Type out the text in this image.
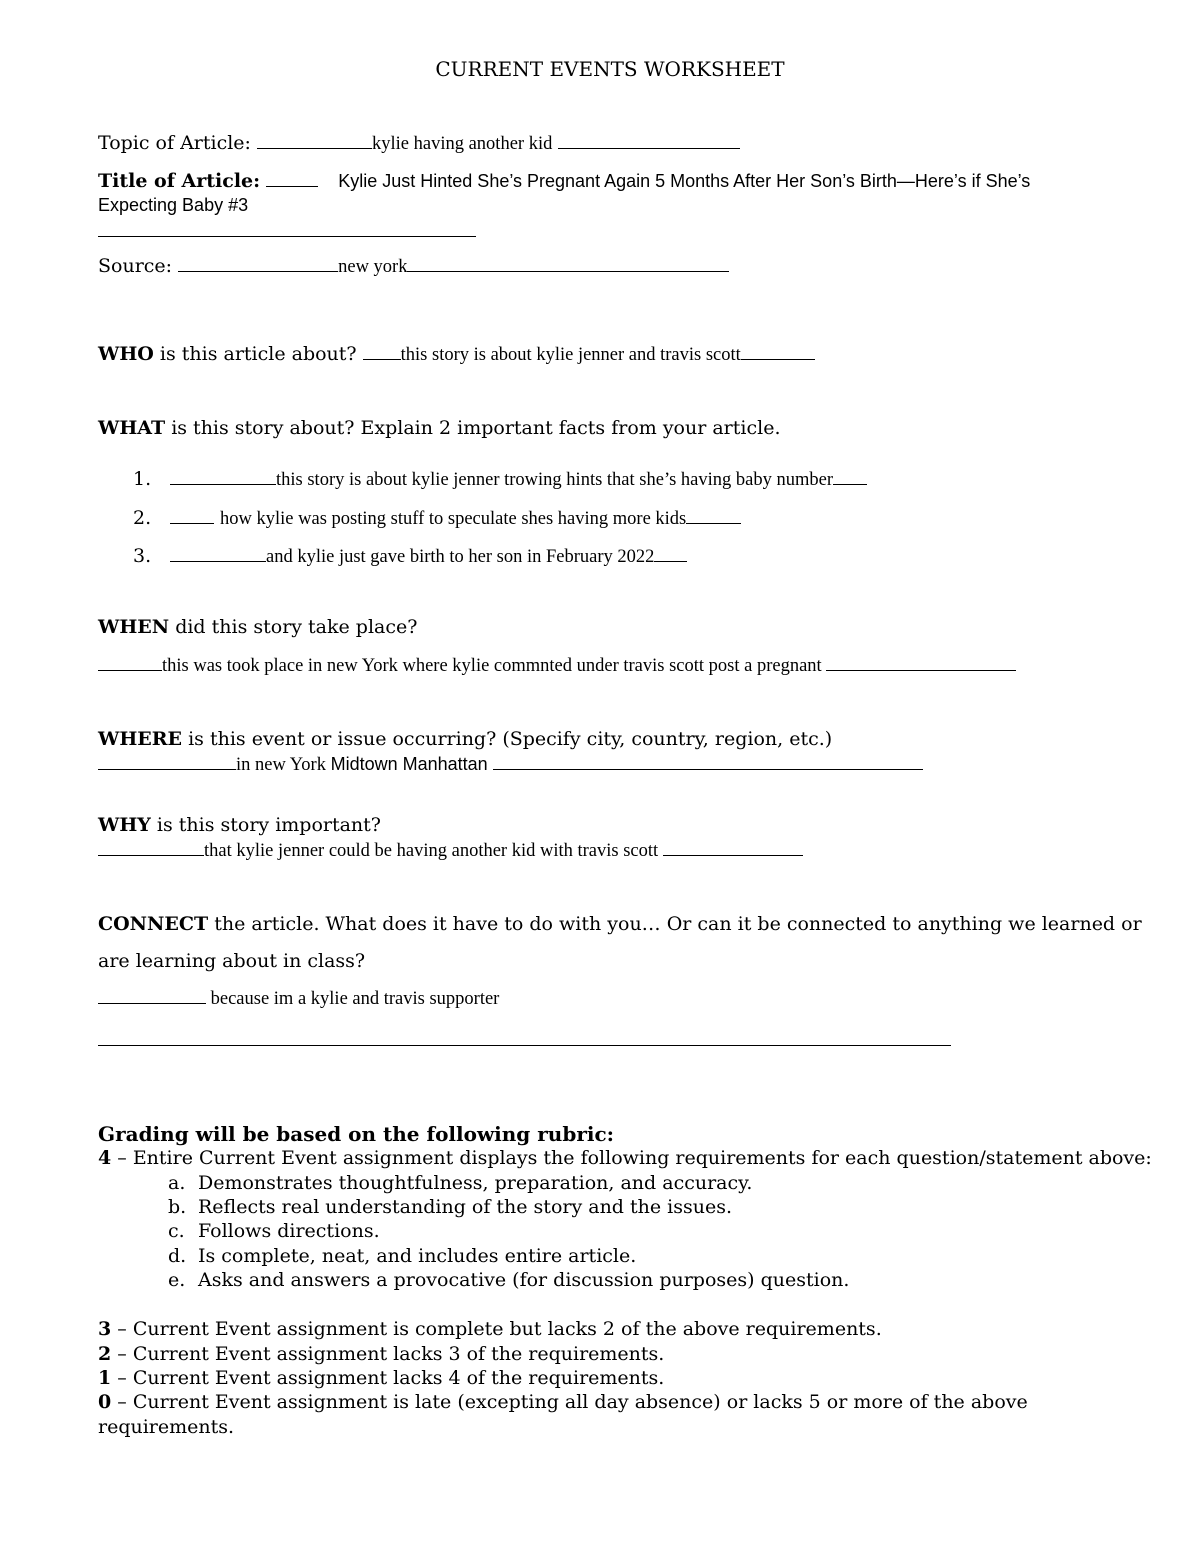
CURRENT EVENTS WORKSHEET
Topic of Article:	kylie having another kid
Title of Article:	Kylie Just Hinted She’s Pregnant Again 5 Months After Her Son’s Birth—Here’s if She’s
Expecting Baby #3
Source:	new york
WHO is this article about? this story is about kylie jenner and travis scott
WHAT is this story about? Explain 2 important facts from your article.
1.	this story is about kylie jenner trowing hints that she’s having baby number
2.	how kylie was posting stuff to speculate shes having more kids
3.	and kylie just gave birth to her son in February 2022
WHEN did this story take place?
this was took place in new York where kylie commnted under travis scott post a pregnant
WHERE is this event or issue occurring? (Specify city, country, region, etc.)
in new York Midtown Manhattan
WHY is this story important?
that kylie jenner could be having another kid with travis scott
CONNECT the article. What does it have to do with you… Or can it be connected to anything we learned or
are learning about in class?
because im a kylie and travis supporter
Grading will be based on the following rubric:
4 – Entire Current Event assignment displays the following requirements for each question/statement above:
a. Demonstrates thoughtfulness, preparation, and accuracy.
b. Reflects real understanding of the story and the issues.
c. Follows directions.
d. Is complete, neat, and includes entire article.
e. Asks and answers a provocative (for discussion purposes) question.
3 – Current Event assignment is complete but lacks 2 of the above requirements.
2 – Current Event assignment lacks 3 of the requirements.
1 – Current Event assignment lacks 4 of the requirements.
0 – Current Event assignment is late (excepting all day absence) or lacks 5 or more of the above
requirements.
